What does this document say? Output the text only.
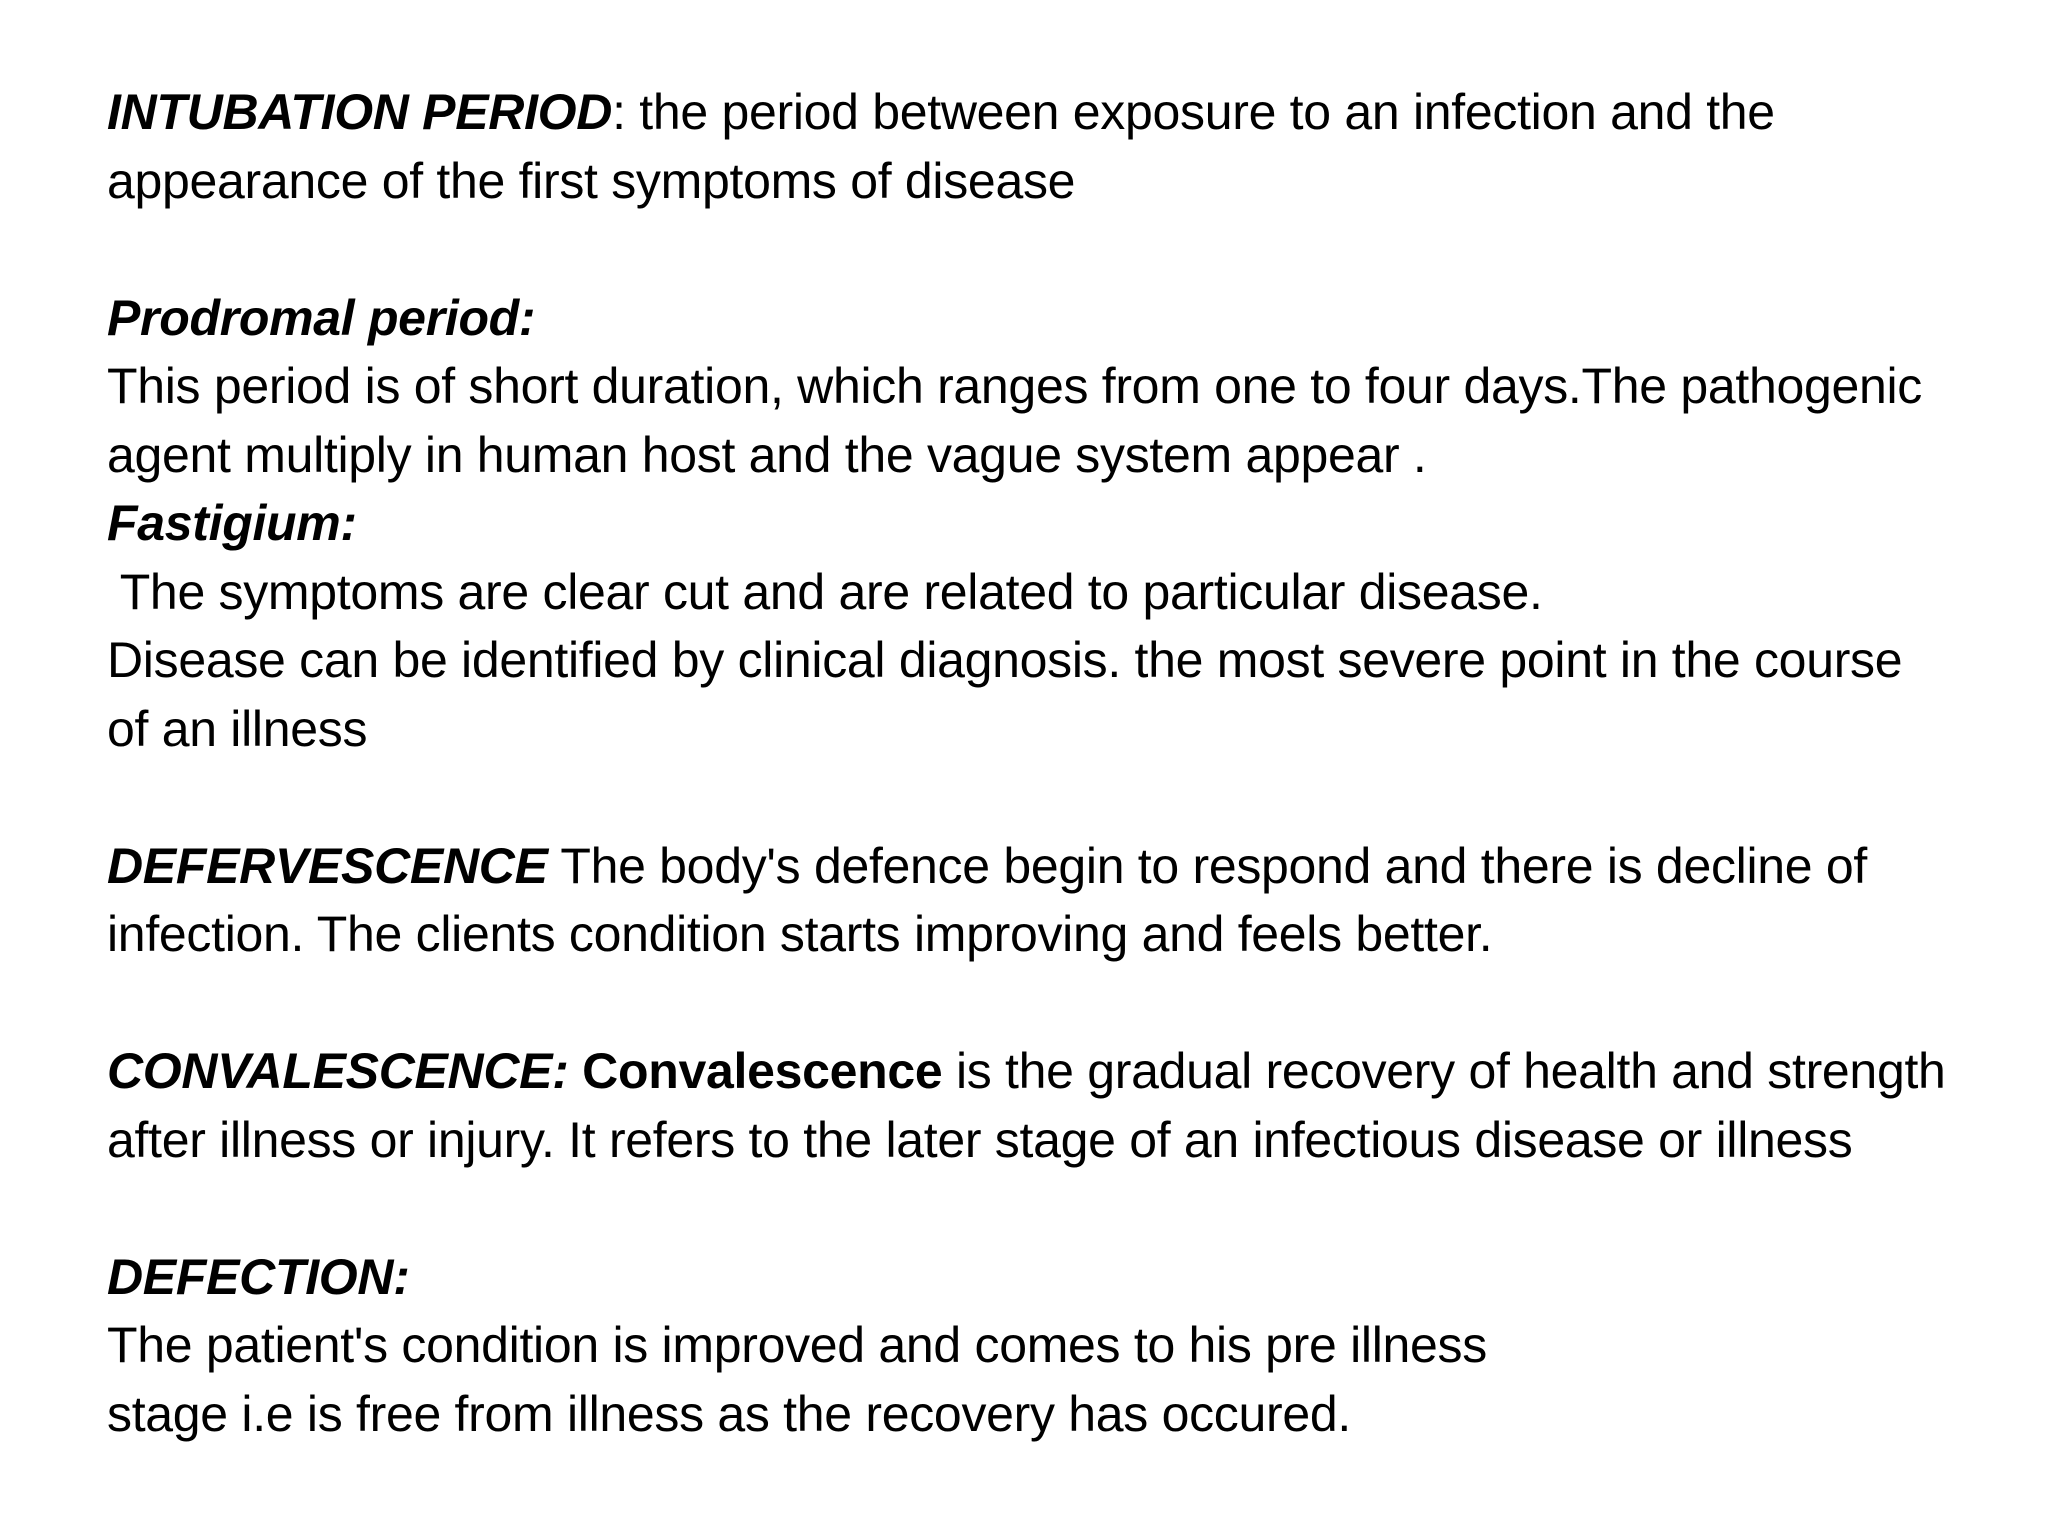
INTUBATION PERIOD: the period between exposure to an infection and the
appearance of the first symptoms of disease
Prodromal period:
This period is of short duration, which ranges from one to four days.The pathogenic
agent multiply in human host and the vague system appear .
Fastigium:
The symptoms are clear cut and are related to particular disease.
Disease can be identified by clinical diagnosis. the most severe point in the course
of an illness
DEFERVESCENCE The body's defence begin to respond and there is decline of
infection. The clients condition starts improving and feels better.
CONVALESCENCE: Convalescence is the gradual recovery of health and strength
after illness or injury. It refers to the later stage of an infectious disease or illness
DEFECTION:
The patient's condition is improved and comes to his pre illness
stage i.e is free from illness as the recovery has occured.
